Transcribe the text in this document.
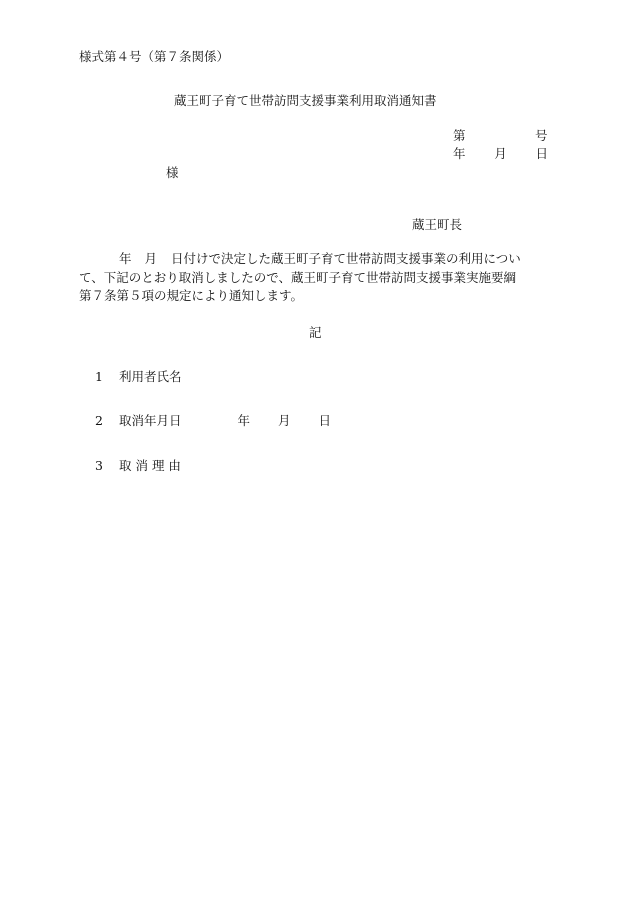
様式第４号（第７条関係）
蔵王町子育て世帯訪問支援事業利用取消通知書
第	号
年 月 日
様
蔵王町長
年 月 日付けで決定した蔵王町子育て世帯訪問支援事業の利用につい
て、下記のとおり取消しましたので、蔵王町子育て世帯訪問支援事業実施要綱
第７条第５項の規定により通知します。
記
1 利用者氏名
2 取消年月日	年 月 日
3 取 消 理 由
